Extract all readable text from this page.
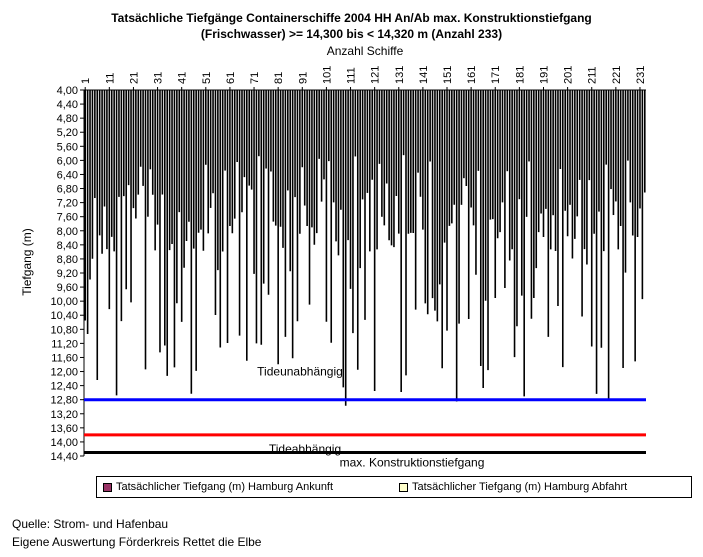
Tatsächliche Tiefgänge Containerschiffe 2004 HH An/Ab max. Konstruktionstiefgang
(Frischwasser) >= 14,300 bis < 14,320 m (Anzahl 233)
Anzahl Schiffe
Tiefgang (m)
4,00
4,40
4,80
5,20
5,60
6,00
6,40
6,80
7,20
7,60
8,00
8,40
8,80
9,20
9,60
10,00
10,40
10,80
11,20
11,60
12,00
12,40
12,80
13,20
13,60
14,00
14,40
1 11 21 31 41 51 61 71 81 91 101 111 121 131 141 151 161 171 181 191 201 211 221 231
Tideunabhängig
Tideabhängig
max. Konstruktionstiefgang
Tatsächlicher Tiefgang (m) Hamburg Ankunft	Tatsächlicher Tiefgang (m) Hamburg Abfahrt
Quelle: Strom- und Hafenbau
Eigene Auswertung Förderkreis Rettet die Elbe
